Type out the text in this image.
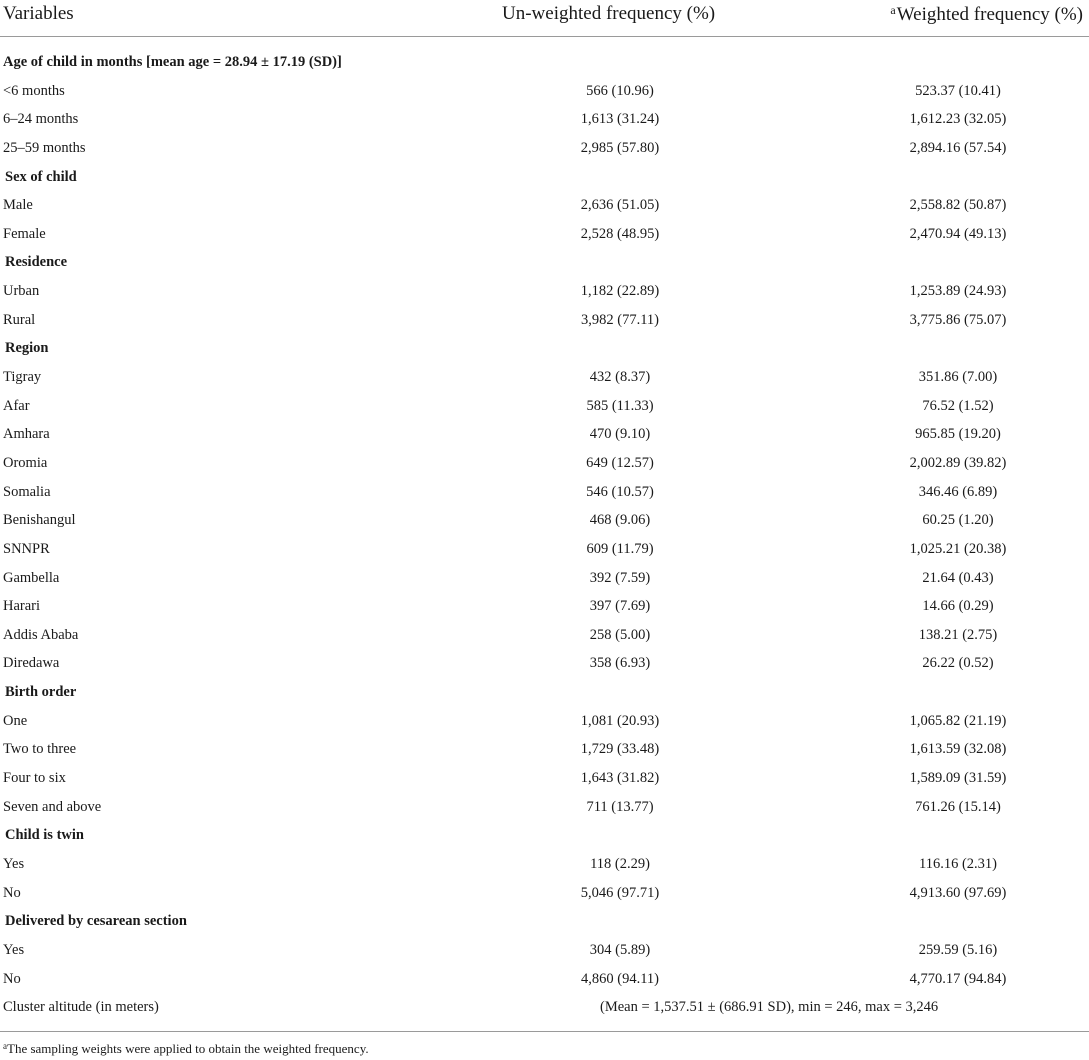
Variables	Un-weighted frequency (%)	$^a$Weighted frequency (%)
Age of child in months [mean age = 28.94 ± 17.19 (SD)]
<6 months	566 (10.96)	523.37 (10.41)
6–24 months	1,613 (31.24)	1,612.23 (32.05)
25–59 months	2,985 (57.80)	2,894.16 (57.54)
Sex of child
Male	2,636 (51.05)	2,558.82 (50.87)
Female	2,528 (48.95)	2,470.94 (49.13)
Residence
Urban	1,182 (22.89)	1,253.89 (24.93)
Rural	3,982 (77.11)	3,775.86 (75.07)
Region
Tigray	432 (8.37)	351.86 (7.00)
Afar	585 (11.33)	76.52 (1.52)
Amhara	470 (9.10)	965.85 (19.20)
Oromia	649 (12.57)	2,002.89 (39.82)
Somalia	546 (10.57)	346.46 (6.89)
Benishangul	468 (9.06)	60.25 (1.20)
SNNPR	609 (11.79)	1,025.21 (20.38)
Gambella	392 (7.59)	21.64 (0.43)
Harari	397 (7.69)	14.66 (0.29)
Addis Ababa	258 (5.00)	138.21 (2.75)
Diredawa	358 (6.93)	26.22 (0.52)
Birth order
One	1,081 (20.93)	1,065.82 (21.19)
Two to three	1,729 (33.48)	1,613.59 (32.08)
Four to six	1,643 (31.82)	1,589.09 (31.59)
Seven and above	711 (13.77)	761.26 (15.14)
Child is twin
Yes	118 (2.29)	116.16 (2.31)
No	5,046 (97.71)	4,913.60 (97.69)
Delivered by cesarean section
Yes	304 (5.89)	259.59 (5.16)
No	4,860 (94.11)	4,770.17 (94.84)
Cluster altitude (in meters)	(Mean = 1,537.51 ± (686.91 SD), min = 246, max = 3,246
$^a$The sampling weights were applied to obtain the weighted frequency.
